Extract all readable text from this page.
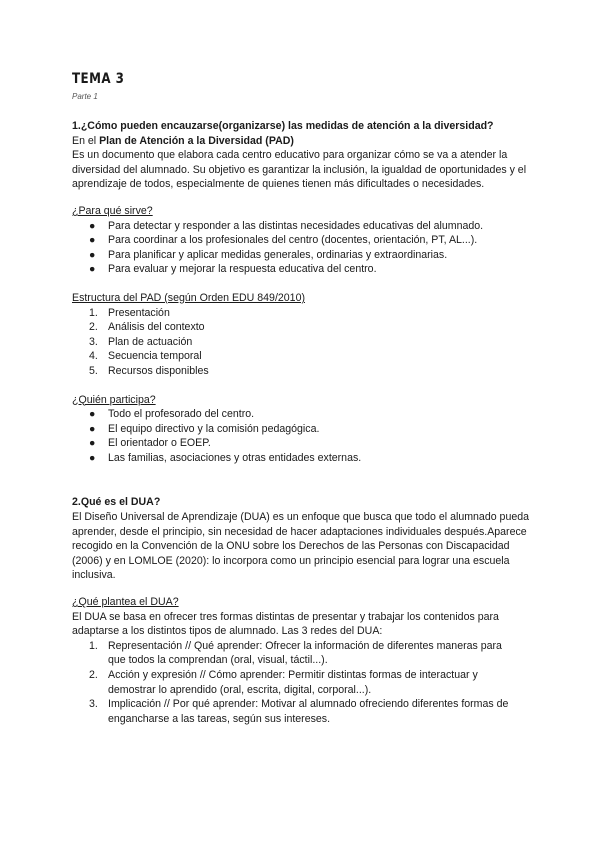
TEMA 3

Parte 1

1.¿Cómo pueden encauzarse(organizarse) las medidas de atención a la diversidad?

En el Plan de Atención a la Diversidad (PAD)

Es un documento que elabora cada centro educativo para organizar cómo se va a atender la diversidad del alumnado. Su objetivo es garantizar la inclusión, la igualdad de oportunidades y el aprendizaje de todos, especialmente de quienes tienen más dificultades o necesidades.

¿Para qué sirve?

● Para detectar y responder a las distintas necesidades educativas del alumnado.
● Para coordinar a los profesionales del centro (docentes, orientación, PT, AL...).
● Para planificar y aplicar medidas generales, ordinarias y extraordinarias.
● Para evaluar y mejorar la respuesta educativa del centro.

Estructura del PAD (según Orden EDU 849/2010)

1. Presentación
2. Análisis del contexto
3. Plan de actuación
4. Secuencia temporal
5. Recursos disponibles

¿Quién participa?

● Todo el profesorado del centro.
● El equipo directivo y la comisión pedagógica.
● El orientador o EOEP.
● Las familias, asociaciones y otras entidades externas.

2.Qué es el DUA?

El Diseño Universal de Aprendizaje (DUA) es un enfoque que busca que todo el alumnado pueda aprender, desde el principio, sin necesidad de hacer adaptaciones individuales después.Aparece recogido en la Convención de la ONU sobre los Derechos de las Personas con Discapacidad (2006) y en LOMLOE (2020): lo incorpora como un principio esencial para lograr una escuela inclusiva.

¿Qué plantea el DUA?

El DUA se basa en ofrecer tres formas distintas de presentar y trabajar los contenidos para adaptarse a los distintos tipos de alumnado. Las 3 redes del DUA:

1. Representación // Qué aprender: Ofrecer la información de diferentes maneras para que todos la comprendan (oral, visual, táctil...).
2. Acción y expresión // Cómo aprender: Permitir distintas formas de interactuar y demostrar lo aprendido (oral, escrita, digital, corporal...).
3. Implicación // Por qué aprender: Motivar al alumnado ofreciendo diferentes formas de engancharse a las tareas, según sus intereses.
